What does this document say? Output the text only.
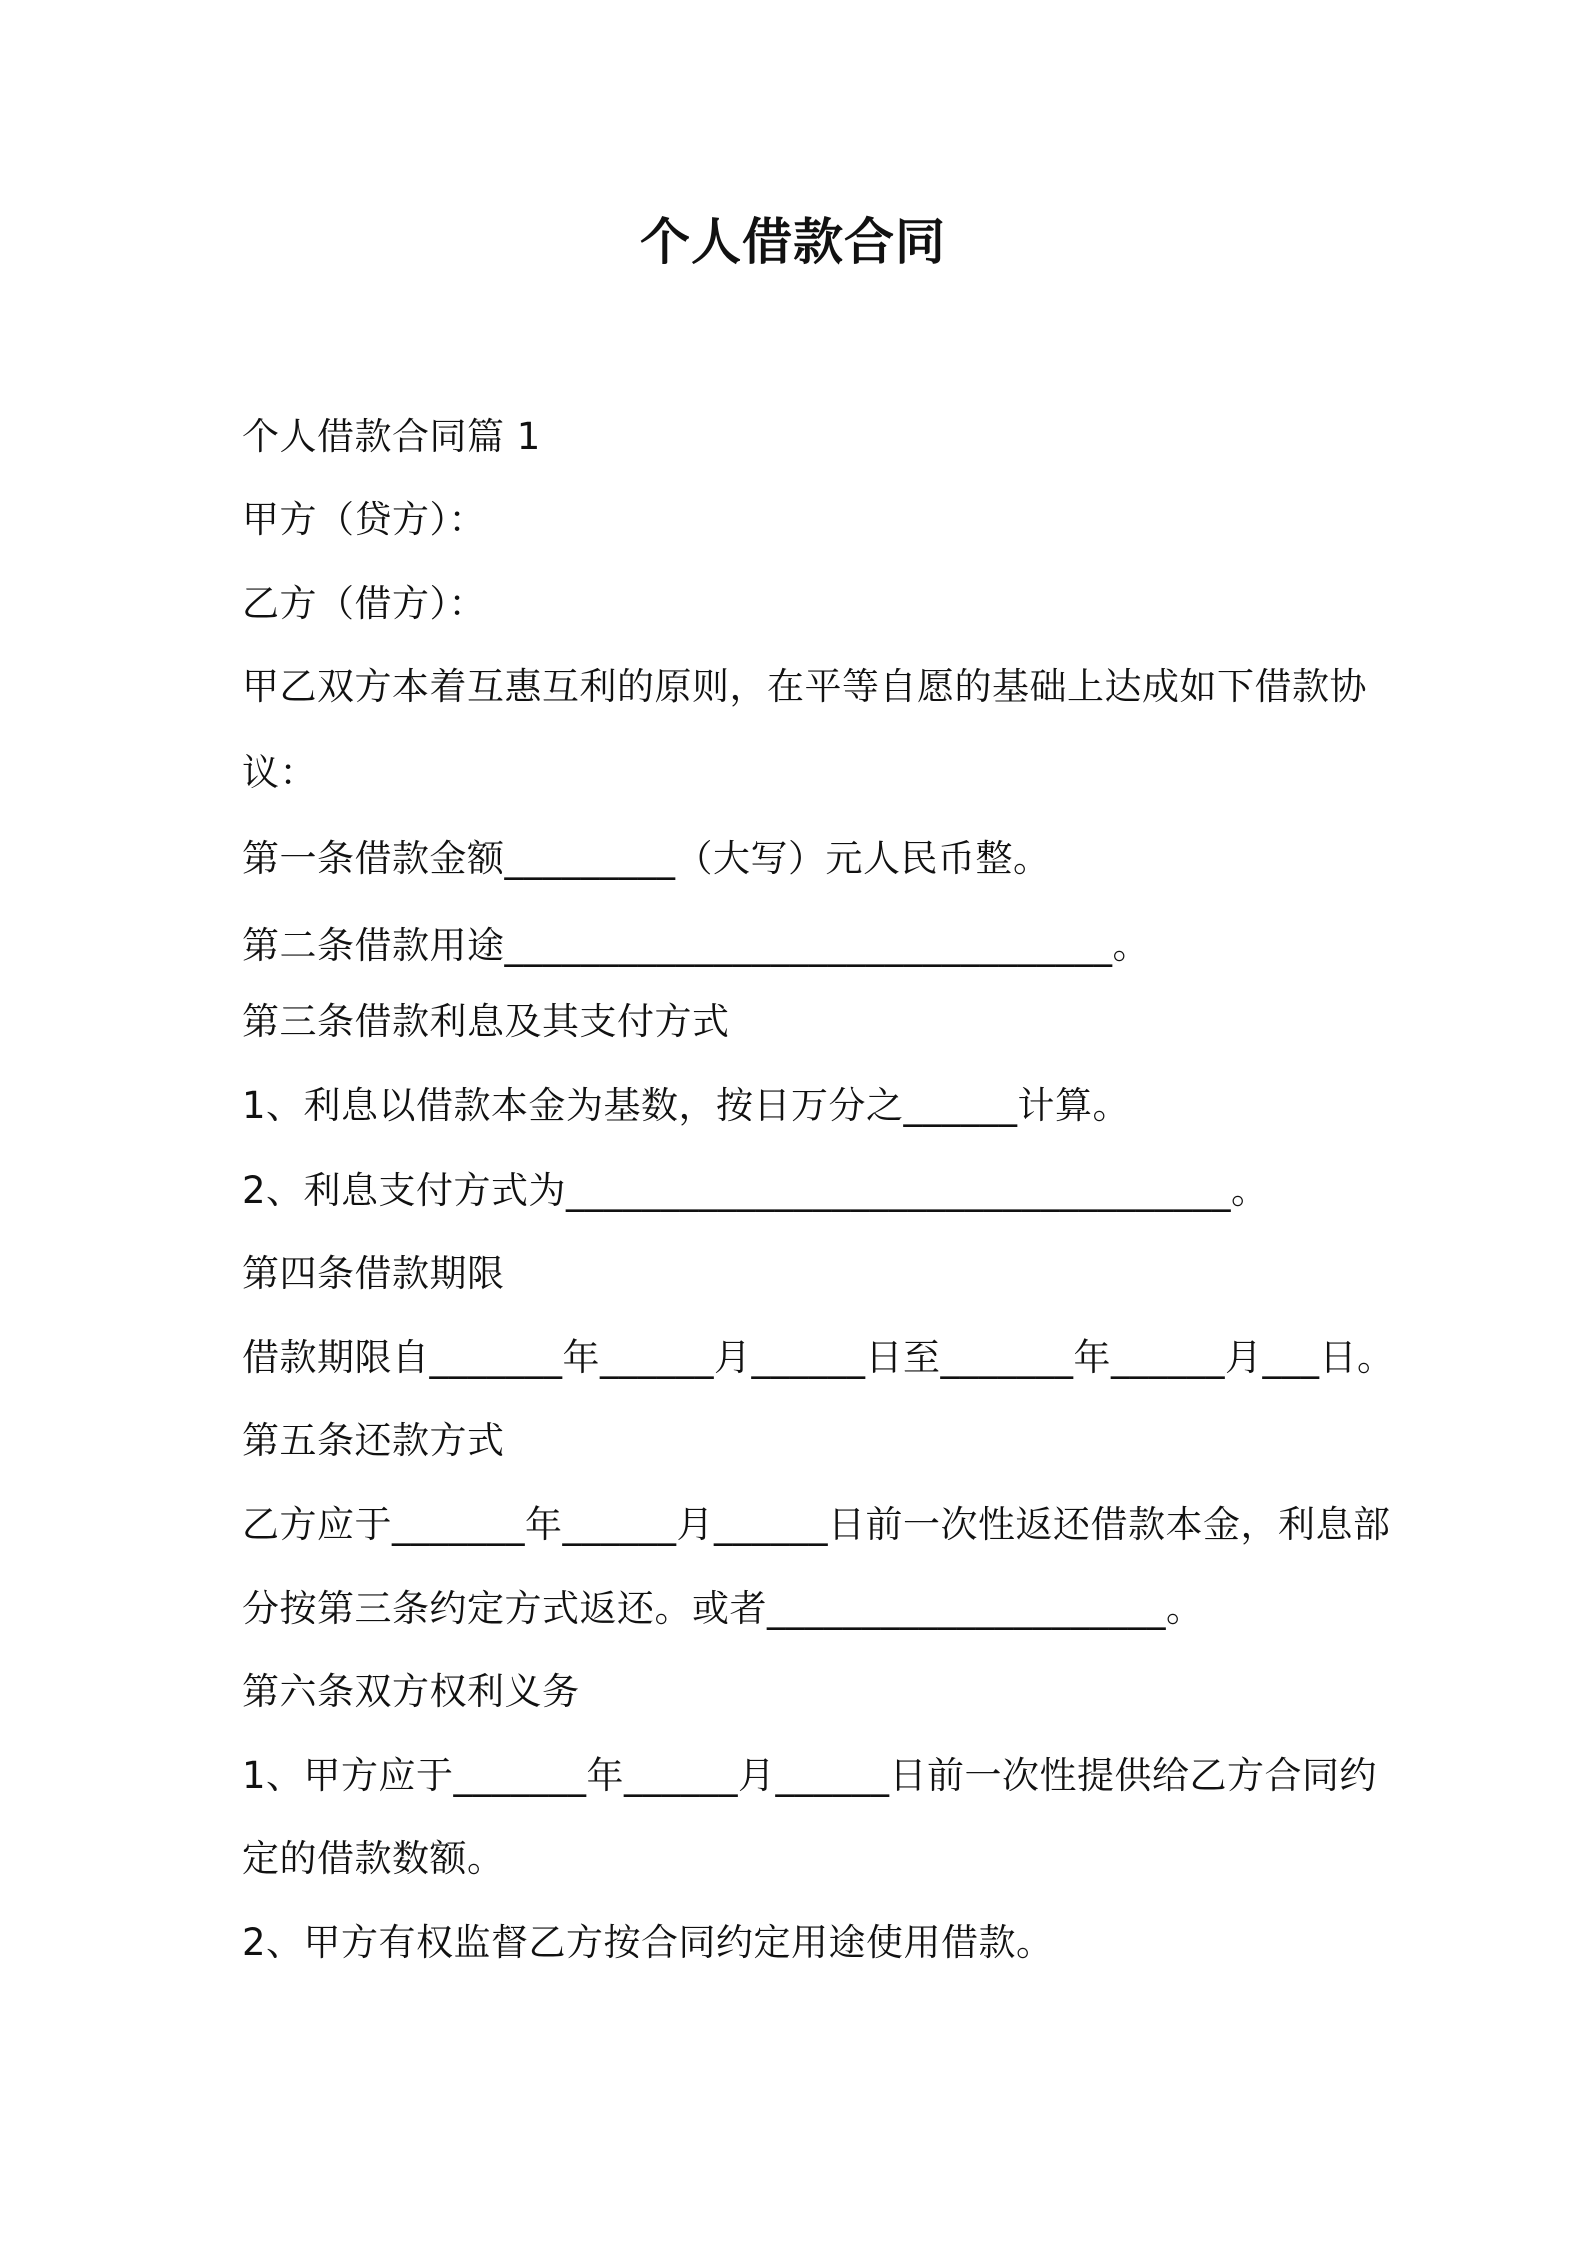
个人借款合同
个人借款合同篇 1
甲方（贷方）：
乙方（借方）：
甲乙双方本着互惠互利的原则，在平等自愿的基础上达成如下借款协
议：
第一条借款金额_________（大写）元人民币整。
第二条借款用途________________________________。
第三条借款利息及其支付方式
1、利息以借款本金为基数，按日万分之______计算。
2、利息支付方式为___________________________________。
第四条借款期限
借款期限自_______年______月______日至_______年______月___日。
第五条还款方式
乙方应于_______年______月______日前一次性返还借款本金，利息部
分按第三条约定方式返还。或者_____________________。
第六条双方权利义务
1、甲方应于_______年______月______日前一次性提供给乙方合同约
定的借款数额。
2、甲方有权监督乙方按合同约定用途使用借款。
